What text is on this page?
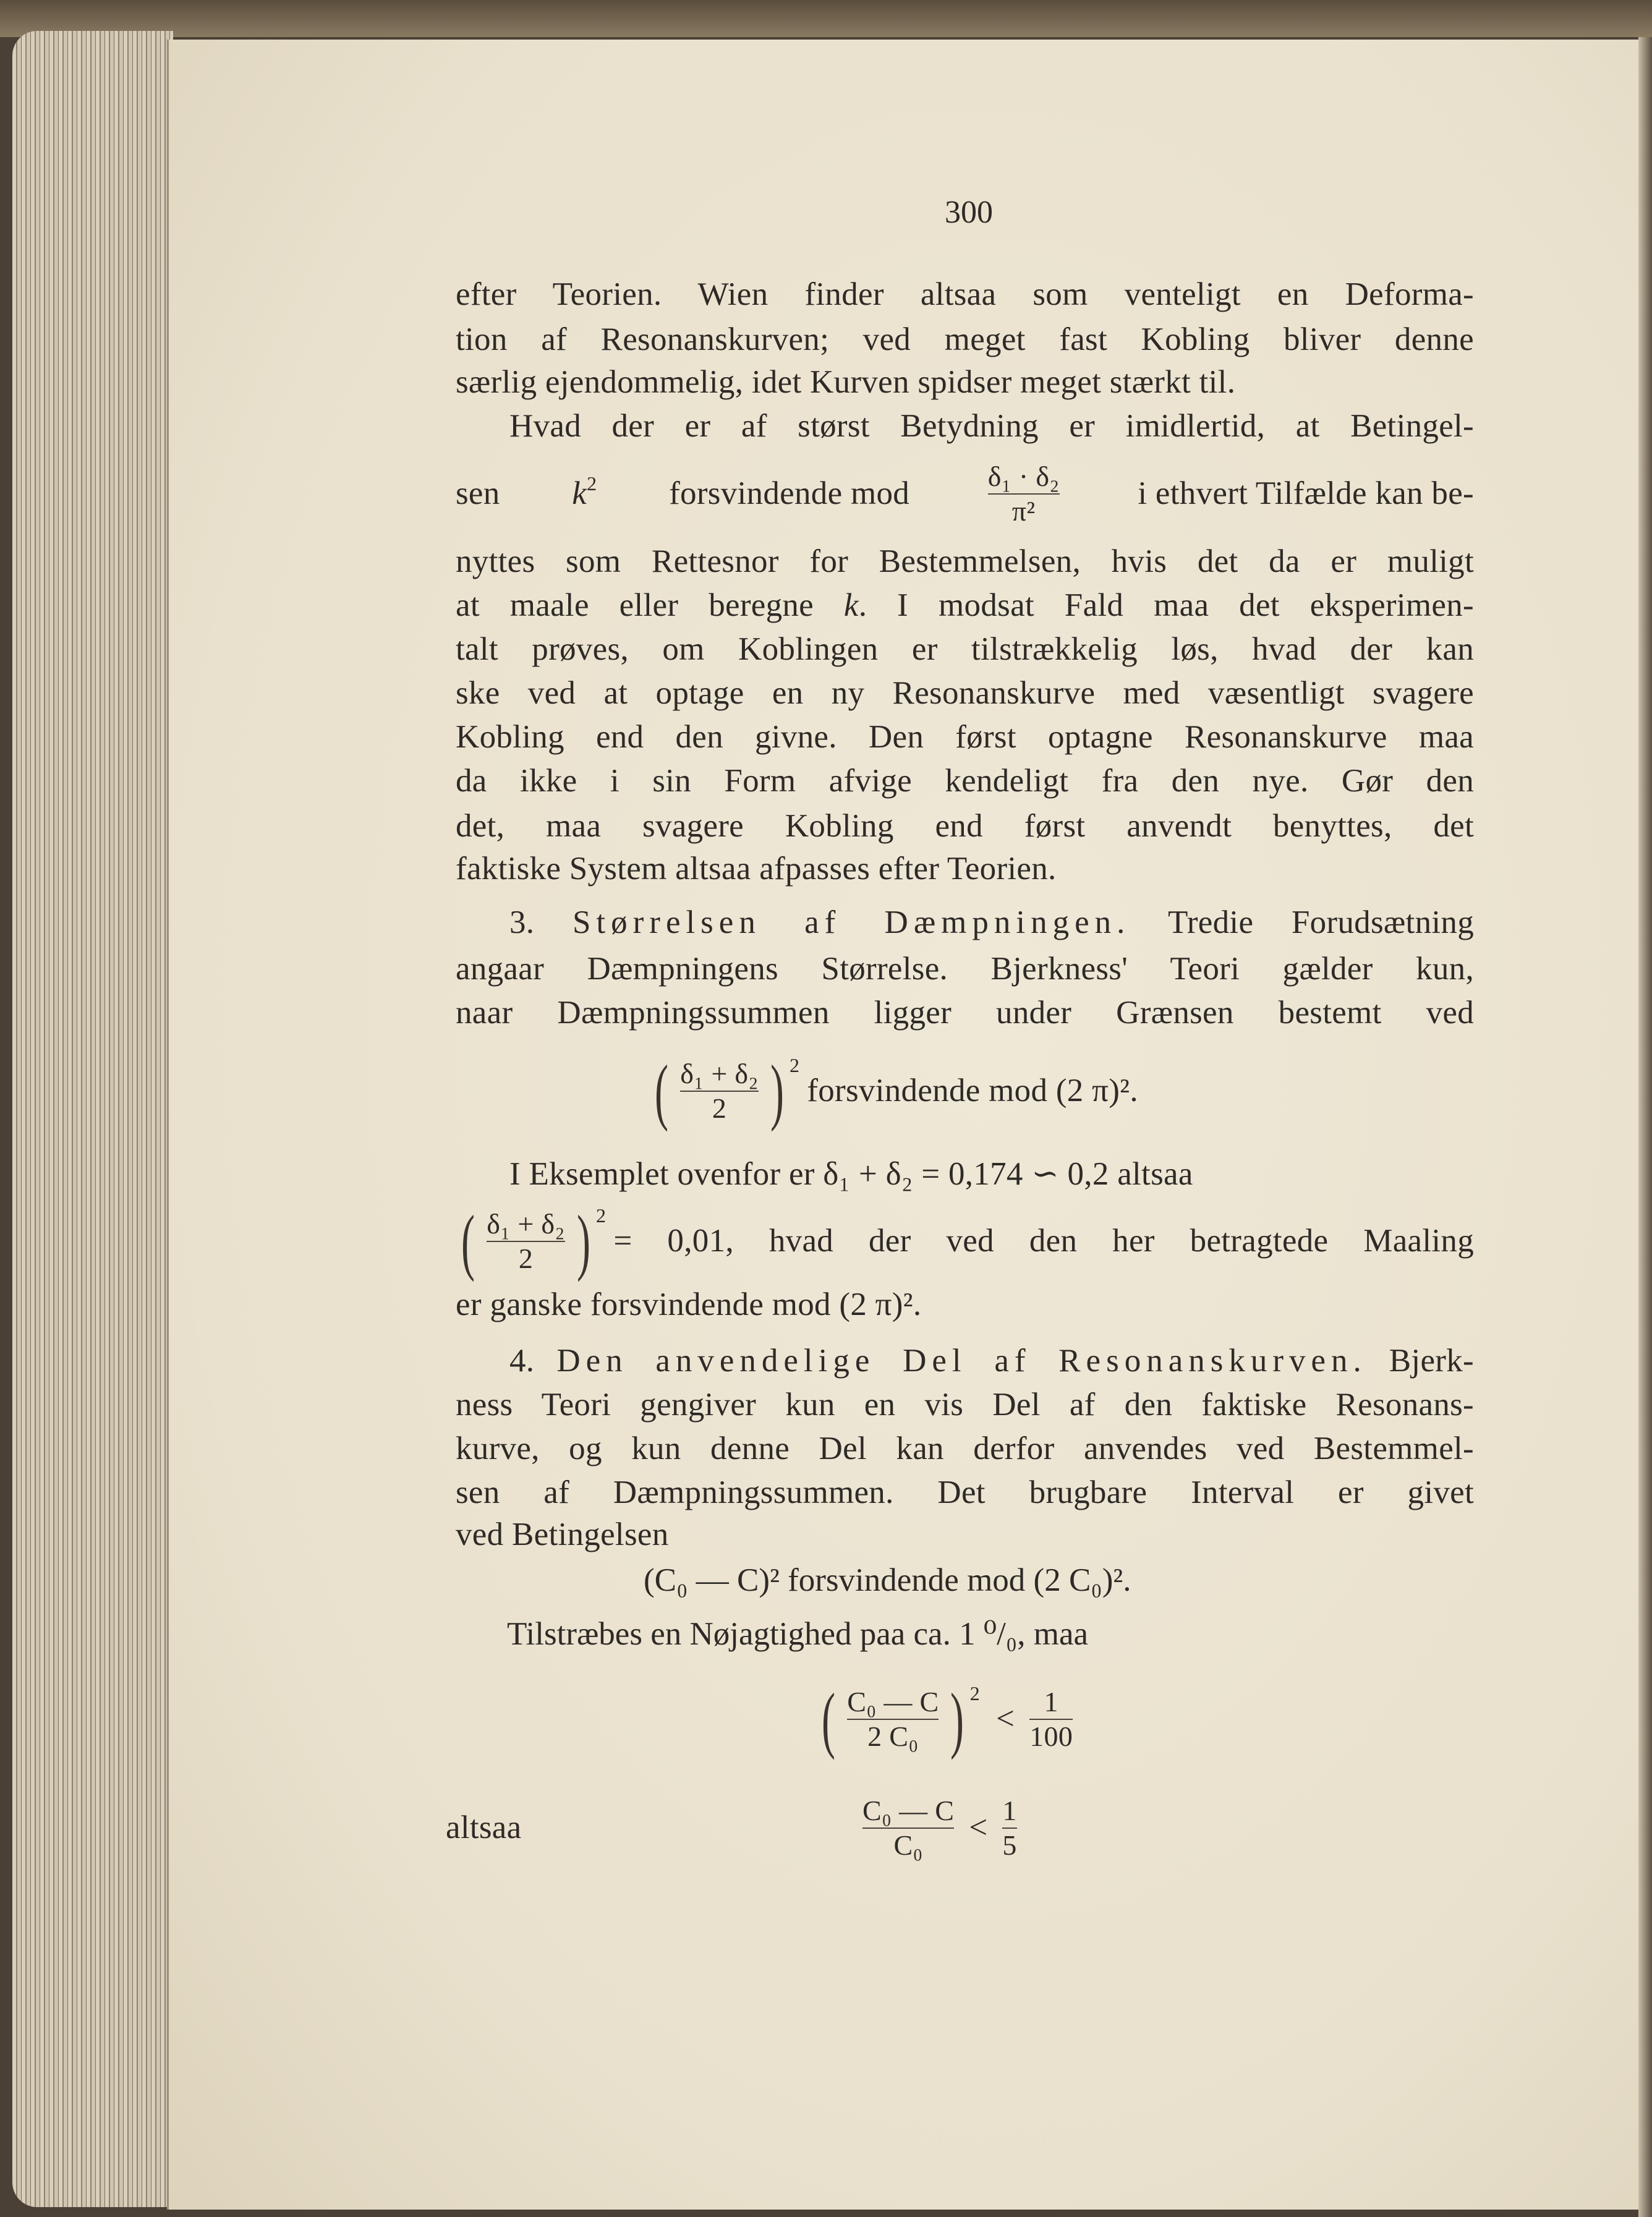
300
efter Teorien. Wien finder altsaa som venteligt en Deforma-
tion af Resonanskurven; ved meget fast Kobling bliver denne
særlig ejendommelig, idet Kurven spidser meget stærkt til.
Hvad der er af størst Betydning er imidlertid, at Betingel-
sen $k^2$ forsvindende mod	$\frac{\text{δ₁ · δ₂}}{\text{π²}}$ i ethvert Tilfælde kan be-
nyttes som Rettesnor for Bestemmelsen, hvis det da er muligt
at maale eller beregne k. I modsat Fald maa det eksperimen-
talt prøves, om Koblingen er tilstrækkelig løs, hvad der kan
ske ved at optage en ny Resonanskurve med væsentligt svagere
Kobling end den givne. Den først optagne Resonanskurve maa
da ikke i sin Form afvige kendeligt fra den nye. Gør den
det, maa svagere Kobling end først anvendt benyttes, det
faktiske System altsaa afpasses efter Teorien.
3. Størrelsen af Dæmpningen. Tredie Forudsætning
angaar Dæmpningens Størrelse. Bjerkness' Teori gælder kun,
naar Dæmpningssummen ligger under Grænsen bestemt ved
( $\frac{\text{δ₁ + δ₂}}{2}$ ) 2
forsvindende mod (2 π)².
I Eksemplet ovenfor er δ₁ + δ₂ = 0,174 ∽ 0,2 altsaa
( $\frac{\text{δ₁ + δ₂}}{2}$ ) 2
= 0,01, hvad der ved den her betragtede Maaling
er ganske forsvindende mod (2 π)².
4. Den anvendelige Del af Resonanskurven. Bjerk-
ness Teori gengiver kun en vis Del af den faktiske Resonans-
kurve, og kun denne Del kan derfor anvendes ved Bestemmel-
sen af Dæmpningssummen. Det brugbare Interval er givet
ved Betingelsen
(C₀ — C)² forsvindende mod (2 C₀)².
Tilstræbes en Nøjagtighed paa ca. 1 ⁰/₀, maa
( $\frac{\text{C₀ — C}}{\text{2 C₀}}$ ) 2
< $\frac{1}{100}$
altsaa	$\frac{\text{C₀ — C}}{\text{C₀}} < \frac{1}{5}$
